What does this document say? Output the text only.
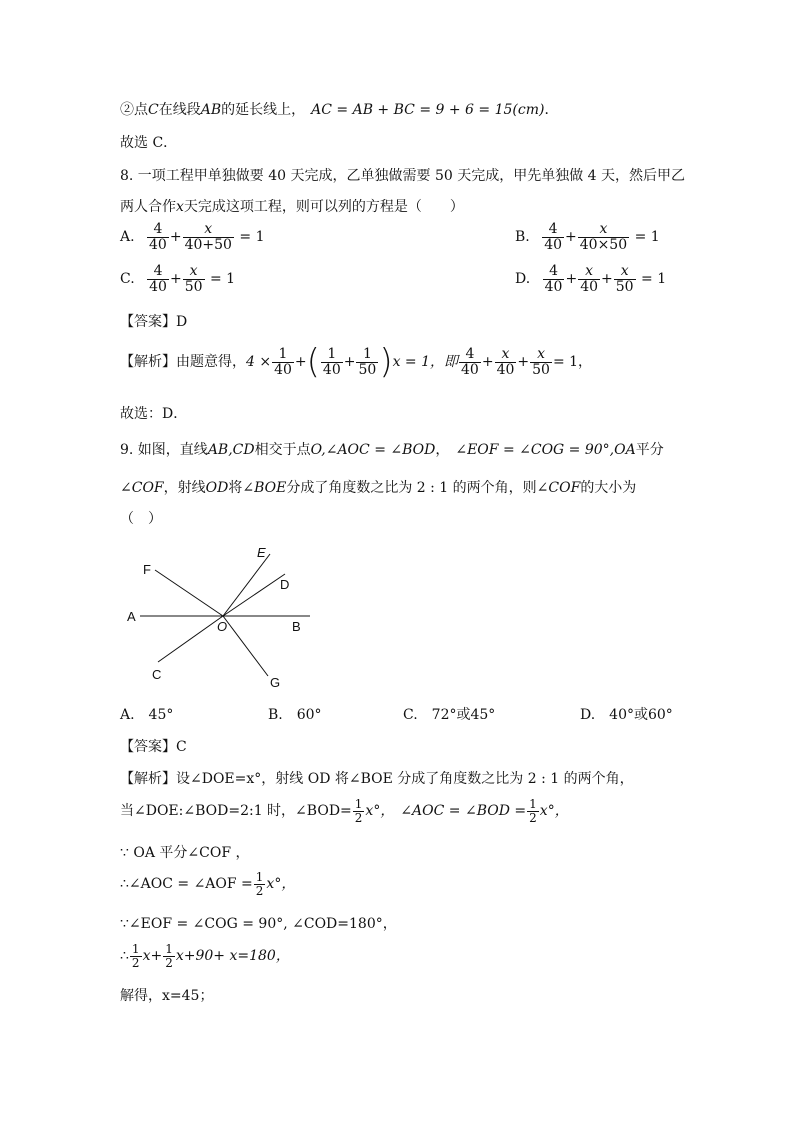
②点C在线段AB的延长线上， AC = AB + BC = 9 + 6 = 15(cm)．
故选 C．
8. 一项工程甲单独做要 40 天完成，乙单独做需要 50 天完成，甲先单独做 4 天，然后甲乙
两人合作x天完成这项工程，则可以列的方程是（　　）
A. $\frac{4}{40} + \frac{x}{40+50} = 1$	B. $\frac{4}{40} + \frac{x}{40\times 50} = 1$
C. $\frac{4}{40} + \frac{x}{50} = 1$	D. $\frac{4}{40} + \frac{x}{40} + \frac{x}{50} = 1$
【答案】D
【解析】由题意得，$4 \times \frac{1}{40}$ +( $\frac{1}{40} + \frac{1}{50} )x = 1$，即 $\frac{4}{40} + \frac{x}{40} + \frac{x}{50} = 1$，
故选：D．
9. 如图，直线AB,CD相交于点O,∠AOC = ∠BOD， ∠EOF = ∠COG = 90°,OA平分
∠COF，射线OD将∠BOE分成了角度数之比为 2 : 1 的两个角，则∠COF的大小为
（　）
E
F
D
A
O	B
C
G
A.　45°	B.　60°	C.　72°或45°	D.　40°或60°
【答案】C
【解析】设∠DOE=x°，射线 OD 将∠BOE 分成了角度数之比为 2 : 1 的两个角，
当∠DOE:∠BOD=2:1 时，∠BOD= $\frac{1}{2} x^\circ$， ∠AOC = ∠BOD = $\frac{1}{2} x^\circ$，
∵ OA 平分∠COF ，
∴∠AOC = ∠AOF = $\frac{1}{2} x^\circ$，
∵∠EOF = ∠COG = 90°, ∠COD=180°，
∴ $\frac{1}{2} x+ \frac{1}{2} x+90+ x=180$，
解得，x=45；
